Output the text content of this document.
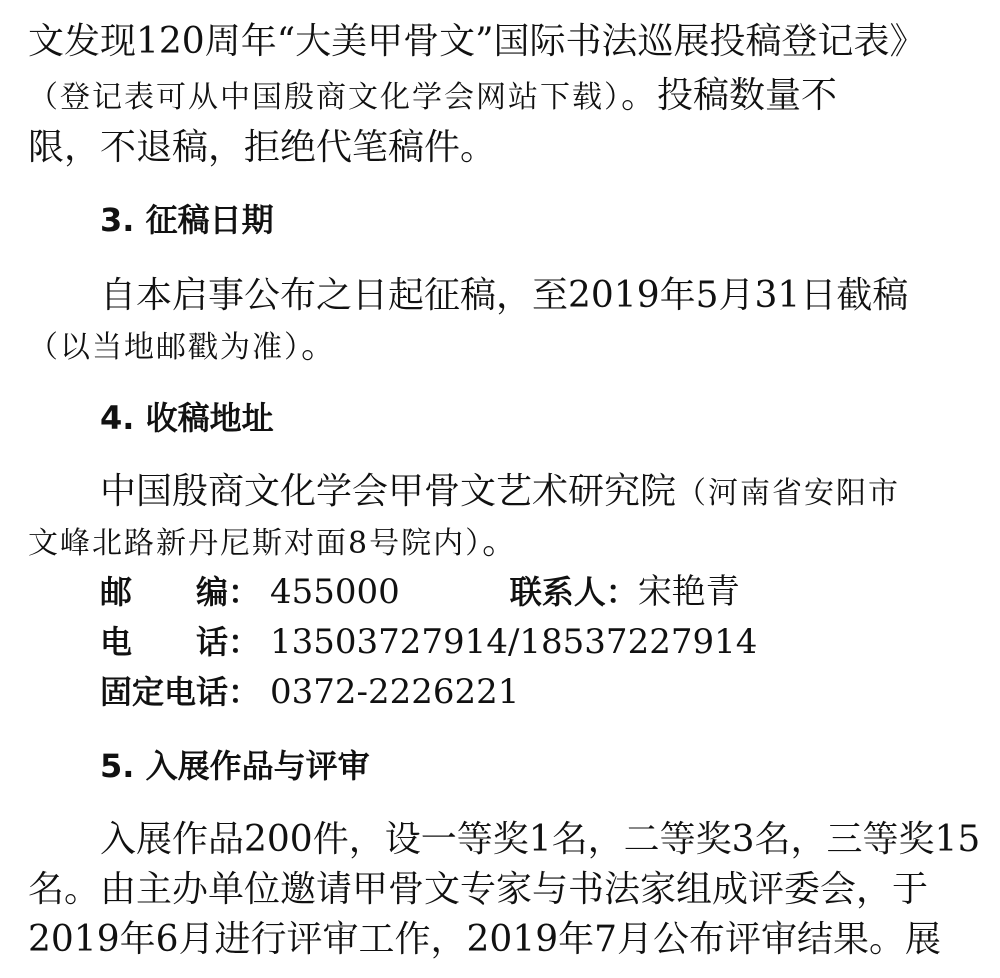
文发现120周年“大美甲骨文”国际书法巡展投稿登记表》
（登记表可从中国殷商文化学会网站下载）。投稿数量不
限，不退稿，拒绝代笔稿件。
3. 征稿日期
自本启事公布之日起征稿，至2019年5月31日截稿
（以当地邮戳为准）。
4. 收稿地址
中国殷商文化学会甲骨文艺术研究院（河南省安阳市
文峰北路新丹尼斯对面8号院内）。
邮　　编： 455000	联系人：宋艳青
电　　话： 13503727914/18537227914
固定电话： 0372-2226221
5. 入展作品与评审
入展作品200件，设一等奖1名，二等奖3名，三等奖15
名。由主办单位邀请甲骨文专家与书法家组成评委会，于
2019年6月进行评审工作，2019年7月公布评审结果。展
